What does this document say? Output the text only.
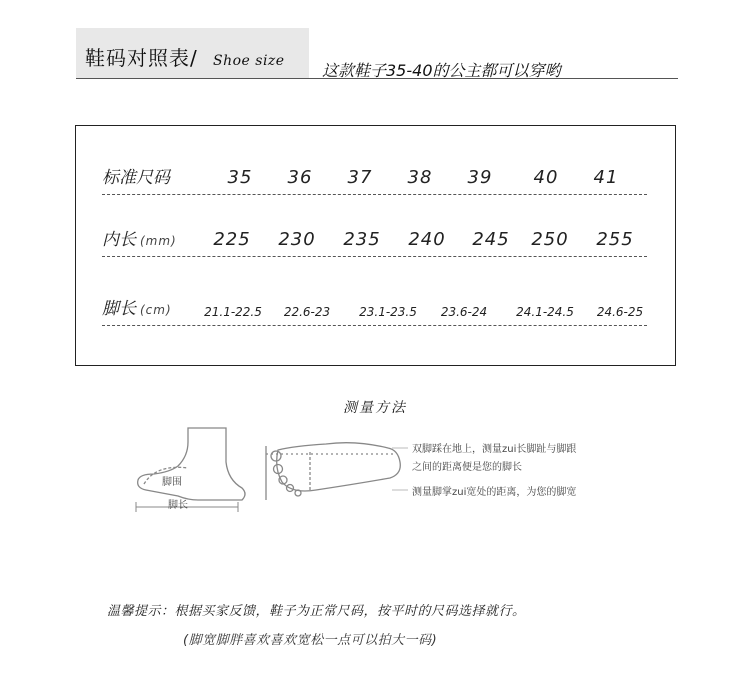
鞋码对照表/ Shoe size 这款鞋子35-40的公主都可以穿哟
标准尺码	35 36 37 38 39 40 41
内长 (mm) 225 230 235 240 245 250 255
脚长 (cm)	21.1-22.5 22.6-23 23.1-23.5 23.6-24 24.1-24.5 24.6-25
测量方法
脚围
脚长
双脚踩在地上，测量zui长脚趾与脚跟
之间的距离便是您的脚长
测量脚掌zui宽处的距离，为您的脚宽
温馨提示：根据买家反馈，鞋子为正常尺码，按平时的尺码选择就行。
(脚宽脚胖喜欢喜欢宽松一点可以拍大一码)
